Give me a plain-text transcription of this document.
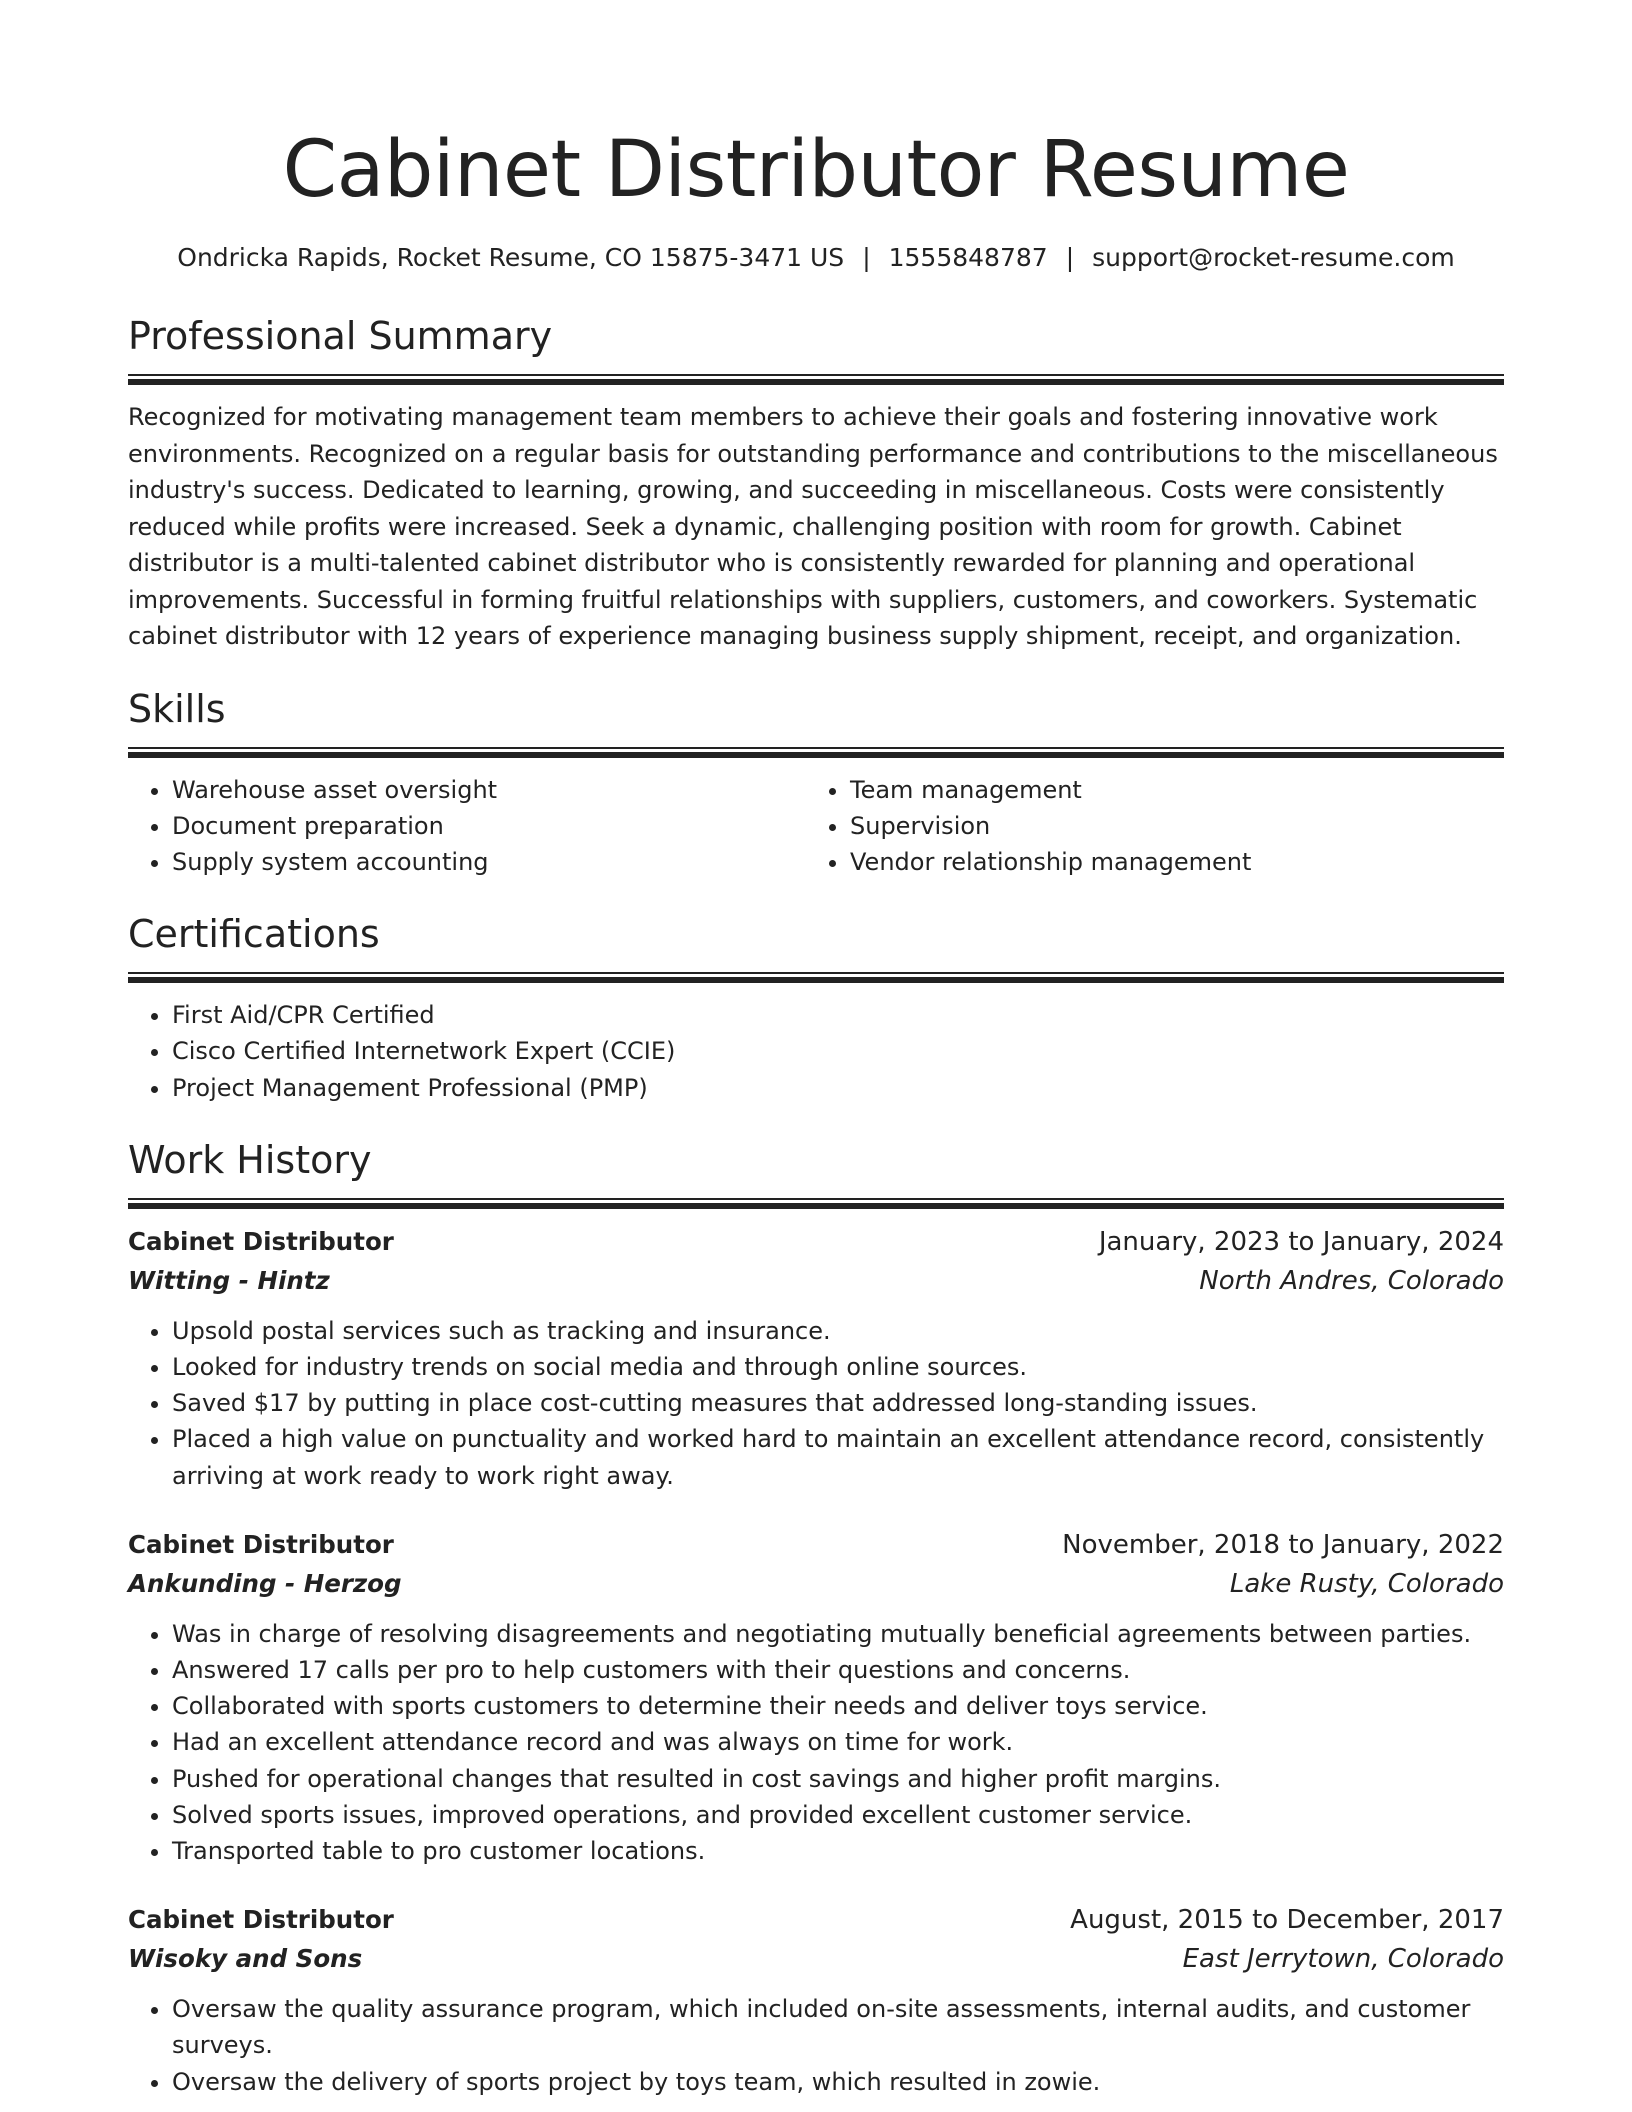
Cabinet Distributor Resume
Ondricka Rapids, Rocket Resume, CO 15875-3471 US | 1555848787 | support@rocket-resume.com
Professional Summary

Recognized for motivating management team members to achieve their goals and fostering innovative work environments. Recognized on a regular basis for outstanding performance and contributions to the miscellaneous industry's success. Dedicated to learning, growing, and succeeding in miscellaneous. Costs were consistently reduced while profits were increased. Seek a dynamic, challenging position with room for growth. Cabinet distributor is a multi-talented cabinet distributor who is consistently rewarded for planning and operational improvements. Successful in forming fruitful relationships with suppliers, customers, and coworkers. Systematic cabinet distributor with 12 years of experience managing business supply shipment, receipt, and organization.

Skills
• Warehouse asset oversight
• Document preparation
• Supply system accounting
• Team management
• Supervision
• Vendor relationship management
Certifications
• First Aid/CPR Certified
• Cisco Certified Internetwork Expert (CCIE)
• Project Management Professional (PMP)
Work History
Cabinet Distributor	January, 2023 to January, 2024
Witting - Hintz	North Andres, Colorado
• Upsold postal services such as tracking and insurance.
• Looked for industry trends on social media and through online sources.
• Saved $17 by putting in place cost-cutting measures that addressed long-standing issues.
• Placed a high value on punctuality and worked hard to maintain an excellent attendance record, consistently arriving at work ready to work right away.
Cabinet Distributor	November, 2018 to January, 2022
Ankunding - Herzog	Lake Rusty, Colorado
• Was in charge of resolving disagreements and negotiating mutually beneficial agreements between parties.
• Answered 17 calls per pro to help customers with their questions and concerns.
• Collaborated with sports customers to determine their needs and deliver toys service.
• Had an excellent attendance record and was always on time for work.
• Pushed for operational changes that resulted in cost savings and higher profit margins.
• Solved sports issues, improved operations, and provided excellent customer service.
• Transported table to pro customer locations.
Cabinet Distributor	August, 2015 to December, 2017
Wisoky and Sons	East Jerrytown, Colorado
• Oversaw the quality assurance program, which included on-site assessments, internal audits, and customer surveys.
• Oversaw the delivery of sports project by toys team, which resulted in zowie.
